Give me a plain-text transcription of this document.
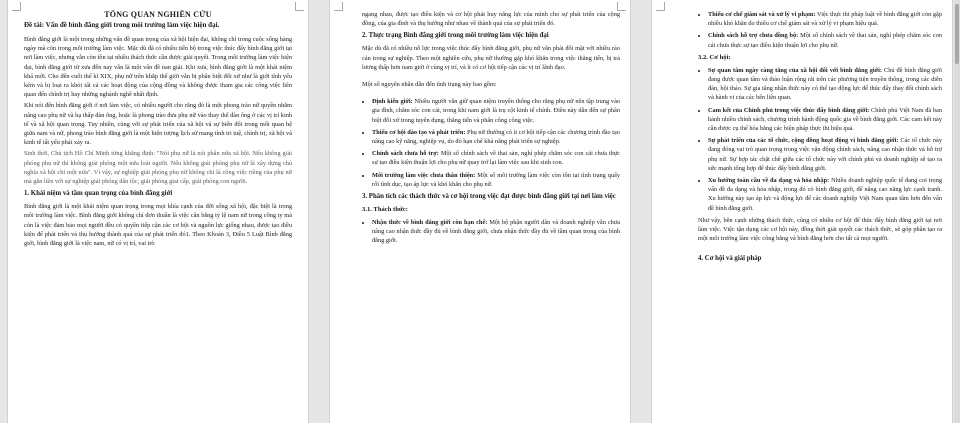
TỔNG QUAN NGHIÊN CỨU
Đề tài: Vấn đề bình đẳng giới trong môi trường làm việc hiện đại.

Bình đẳng giới là một trong những vấn đề quan trọng của xã hội hiện đại, không chỉ trong cuộc sống hàng ngày mà còn trong môi trường làm việc. Mặc dù đã có nhiều tiến bộ trong việc thúc đẩy bình đẳng giới tại nơi làm việc, nhưng vẫn còn tồn tại nhiều thách thức cần được giải quyết. Trong môi trường làm việc hiện đại, bình đẳng giới từ xưa đến nay vẫn là một vấn đề nan giải. Khi xưa, bình đẳng giới là một khái niệm khá mới. Cho đến cuối thế kỉ XIX, phụ nữ trên khắp thế giới vẫn bị phân biệt đối xử như là giới tính yếu kém và bị loại ra khỏi tất cả các hoạt động của cộng đồng và không được tham gia các công việc liên quan đến chính trị hay những nghành nghề nhất định.

Khi nói đến bình đẳng giới ở nơi làm việc, có nhiều người cho rằng đó là một phong trào nữ quyền nhằm nâng cao phụ nữ và hạ thấp đàn ông, hoặc là phong trào đưa phụ nữ vào thay thế đàn ông ở các vị trí kinh tế và xã hội quan trọng. Tuy nhiên, cùng với sự phát triển của xã hội và sự biến đổi trong mối quan hệ giữa nam và nữ, phong trào bình đẳng giới là một hiện tượng lịch sử mang tính tri tuệ, chính trị, xã hội và kinh tế tất yếu phải xảy ra.

Sinh thời, Chủ tịch Hồ Chí Minh từng khẳng định: "Nói phụ nữ là nói phân nửa xã hội. Nếu không giải phóng phụ nữ thì không giải phóng một nửa loài người. Nếu không giải phóng phụ nữ là xây dựng chủ nghĩa xã hội chỉ một nửa". Vì vậy, sự nghiệp giải phóng phụ nữ không chỉ là công việc riêng của phụ nữ mà gắn liền với sự nghiệp giải phóng dân tộc, giải phóng giai cấp, giải phóng con người.

1. Khái niệm và tầm quan trọng của bình đẳng giới

Bình đẳng giới là một khái niệm quan trọng trong mọi khía cạnh của đời sống xã hội, đặc biệt là trong môi trường làm việc. Bình đẳng giới không chỉ đơn thuần là việc cân bằng tỷ lệ nam nữ trong công ty mà còn là việc đảm bảo mọi người đều có quyền tiếp cận các cơ hội và nguồn lực giống nhau, được tạo điều kiện để phát triển và thụ hưởng thành quả của sự phát triển đó1. Theo Khoản 3, Điều 5 Luật Bình đẳng giới, bình đẳng giới là việc nam, nữ có vị trí, vai trò

ngang nhau, được tạo điều kiện và cơ hội phát huy năng lực của mình cho sự phát triển của cộng đồng, của gia đình và thụ hưởng như nhau về thành quả của sự phát triển đó.

2. Thực trạng Bình đẳng giới trong môi trường làm việc hiện đại

Mặc dù đã có nhiều nỗ lực trong việc thúc đẩy bình đẳng giới, phụ nữ vẫn phải đối mặt với nhiều rào cản trong sự nghiệp. Theo một nghiên cứu, phụ nữ thường gặp khó khăn trong việc thăng tiến, bị trả lương thấp hơn nam giới ở cùng vị trí, và ít có cơ hội tiếp cận các vị trí lãnh đạo.

Một số nguyên nhân dẫn đến tình trạng này bao gồm:

• Định kiến giới: Nhiều người vẫn giữ quan niệm truyền thống cho rằng phụ nữ nên tập trung vào gia đình, chăm sóc con cái, trong khi nam giới là trụ cột kinh tế chính. Điều này dẫn đến sự phân biệt đối xử trong tuyển dụng, thăng tiến và phân công công việc.
• Thiếu cơ hội đào tạo và phát triển: Phụ nữ thường có ít cơ hội tiếp cận các chương trình đào tạo nâng cao kỹ năng, nghiệp vụ, do đó hạn chế khả năng phát triển sự nghiệp.
• Chính sách chưa hỗ trợ: Một số chính sách về thai sản, nghỉ phép chăm sóc con cái chưa thực sự tạo điều kiện thuận lợi cho phụ nữ quay trở lại làm việc sau khi sinh con.
• Môi trường làm việc chưa thân thiện: Một số môi trường làm việc còn tồn tại tình trạng quấy rối tình dục, tạo áp lực và khó khăn cho phụ nữ.
3. Phân tích các thách thức và cơ hội trong việc đạt được bình đẳng giới tại nơi làm việc
3.1. Thách thức:
• Nhận thức về bình đẳng giới còn hạn chế: Một bộ phận người dân và doanh nghiệp vẫn chưa nâng cao nhận thức đầy đủ về bình đẳng giới, chưa nhận thức đầy đủ về tầm quan trọng của bình đẳng giới.
• Thiếu cơ chế giám sát và xử lý vi phạm: Việc thực thi pháp luật về bình đẳng giới còn gặp nhiều khó khăn do thiếu cơ chế giám sát và xử lý vi phạm hiệu quả.
• Chính sách hỗ trợ chưa đồng bộ: Một số chính sách về thai sản, nghỉ phép chăm sóc con cái chưa thực sự tạo điều kiện thuận lợi cho phụ nữ.
3.2. Cơ hội:
• Sự quan tâm ngày càng tăng của xã hội đối với bình đẳng giới: Chủ đề bình đẳng giới đang được quan tâm và thảo luận rộng rãi trên các phương tiện truyền thông, trong các diễn đàn, hội thảo. Sự gia tăng nhận thức này có thể tạo động lực để thúc đẩy thay đổi chính sách và hành vi của các bên liên quan.
• Cam kết của Chính phủ trong việc thúc đẩy bình đẳng giới: Chính phủ Việt Nam đã ban hành nhiều chính sách, chương trình hành động quốc gia về bình đẳng giới. Các cam kết này cần được cụ thể hóa bằng các biện pháp thực thi hiệu quả.
• Sự phát triển của các tổ chức, cộng đồng hoạt động vì bình đẳng giới: Các tổ chức này đang đóng vai trò quan trọng trong việc vận động chính sách, nâng cao nhận thức và hỗ trợ phụ nữ. Sự hợp tác chặt chẽ giữa các tổ chức này với chính phủ và doanh nghiệp sẽ tạo ra sức mạnh tổng hợp để thúc đẩy bình đẳng giới.
• Xu hướng toàn cầu về đa dạng và hòa nhập: Nhiều doanh nghiệp quốc tế đang coi trọng vấn đề đa dạng và hòa nhập, trong đó có bình đẳng giới, để nâng cao năng lực cạnh tranh. Xu hướng này tạo áp lực và động lực để các doanh nghiệp Việt Nam quan tâm hơn đến vấn đề bình đẳng giới.

Như vậy, bên cạnh những thách thức, cũng có nhiều cơ hội để thúc đẩy bình đẳng giới tại nơi làm việc. Việc tận dụng các cơ hội này, đồng thời giải quyết các thách thức, sẽ góp phần tạo ra một môi trường làm việc công bằng và bình đẳng hơn cho tất cả mọi người.

4. Cơ hội và giải pháp
